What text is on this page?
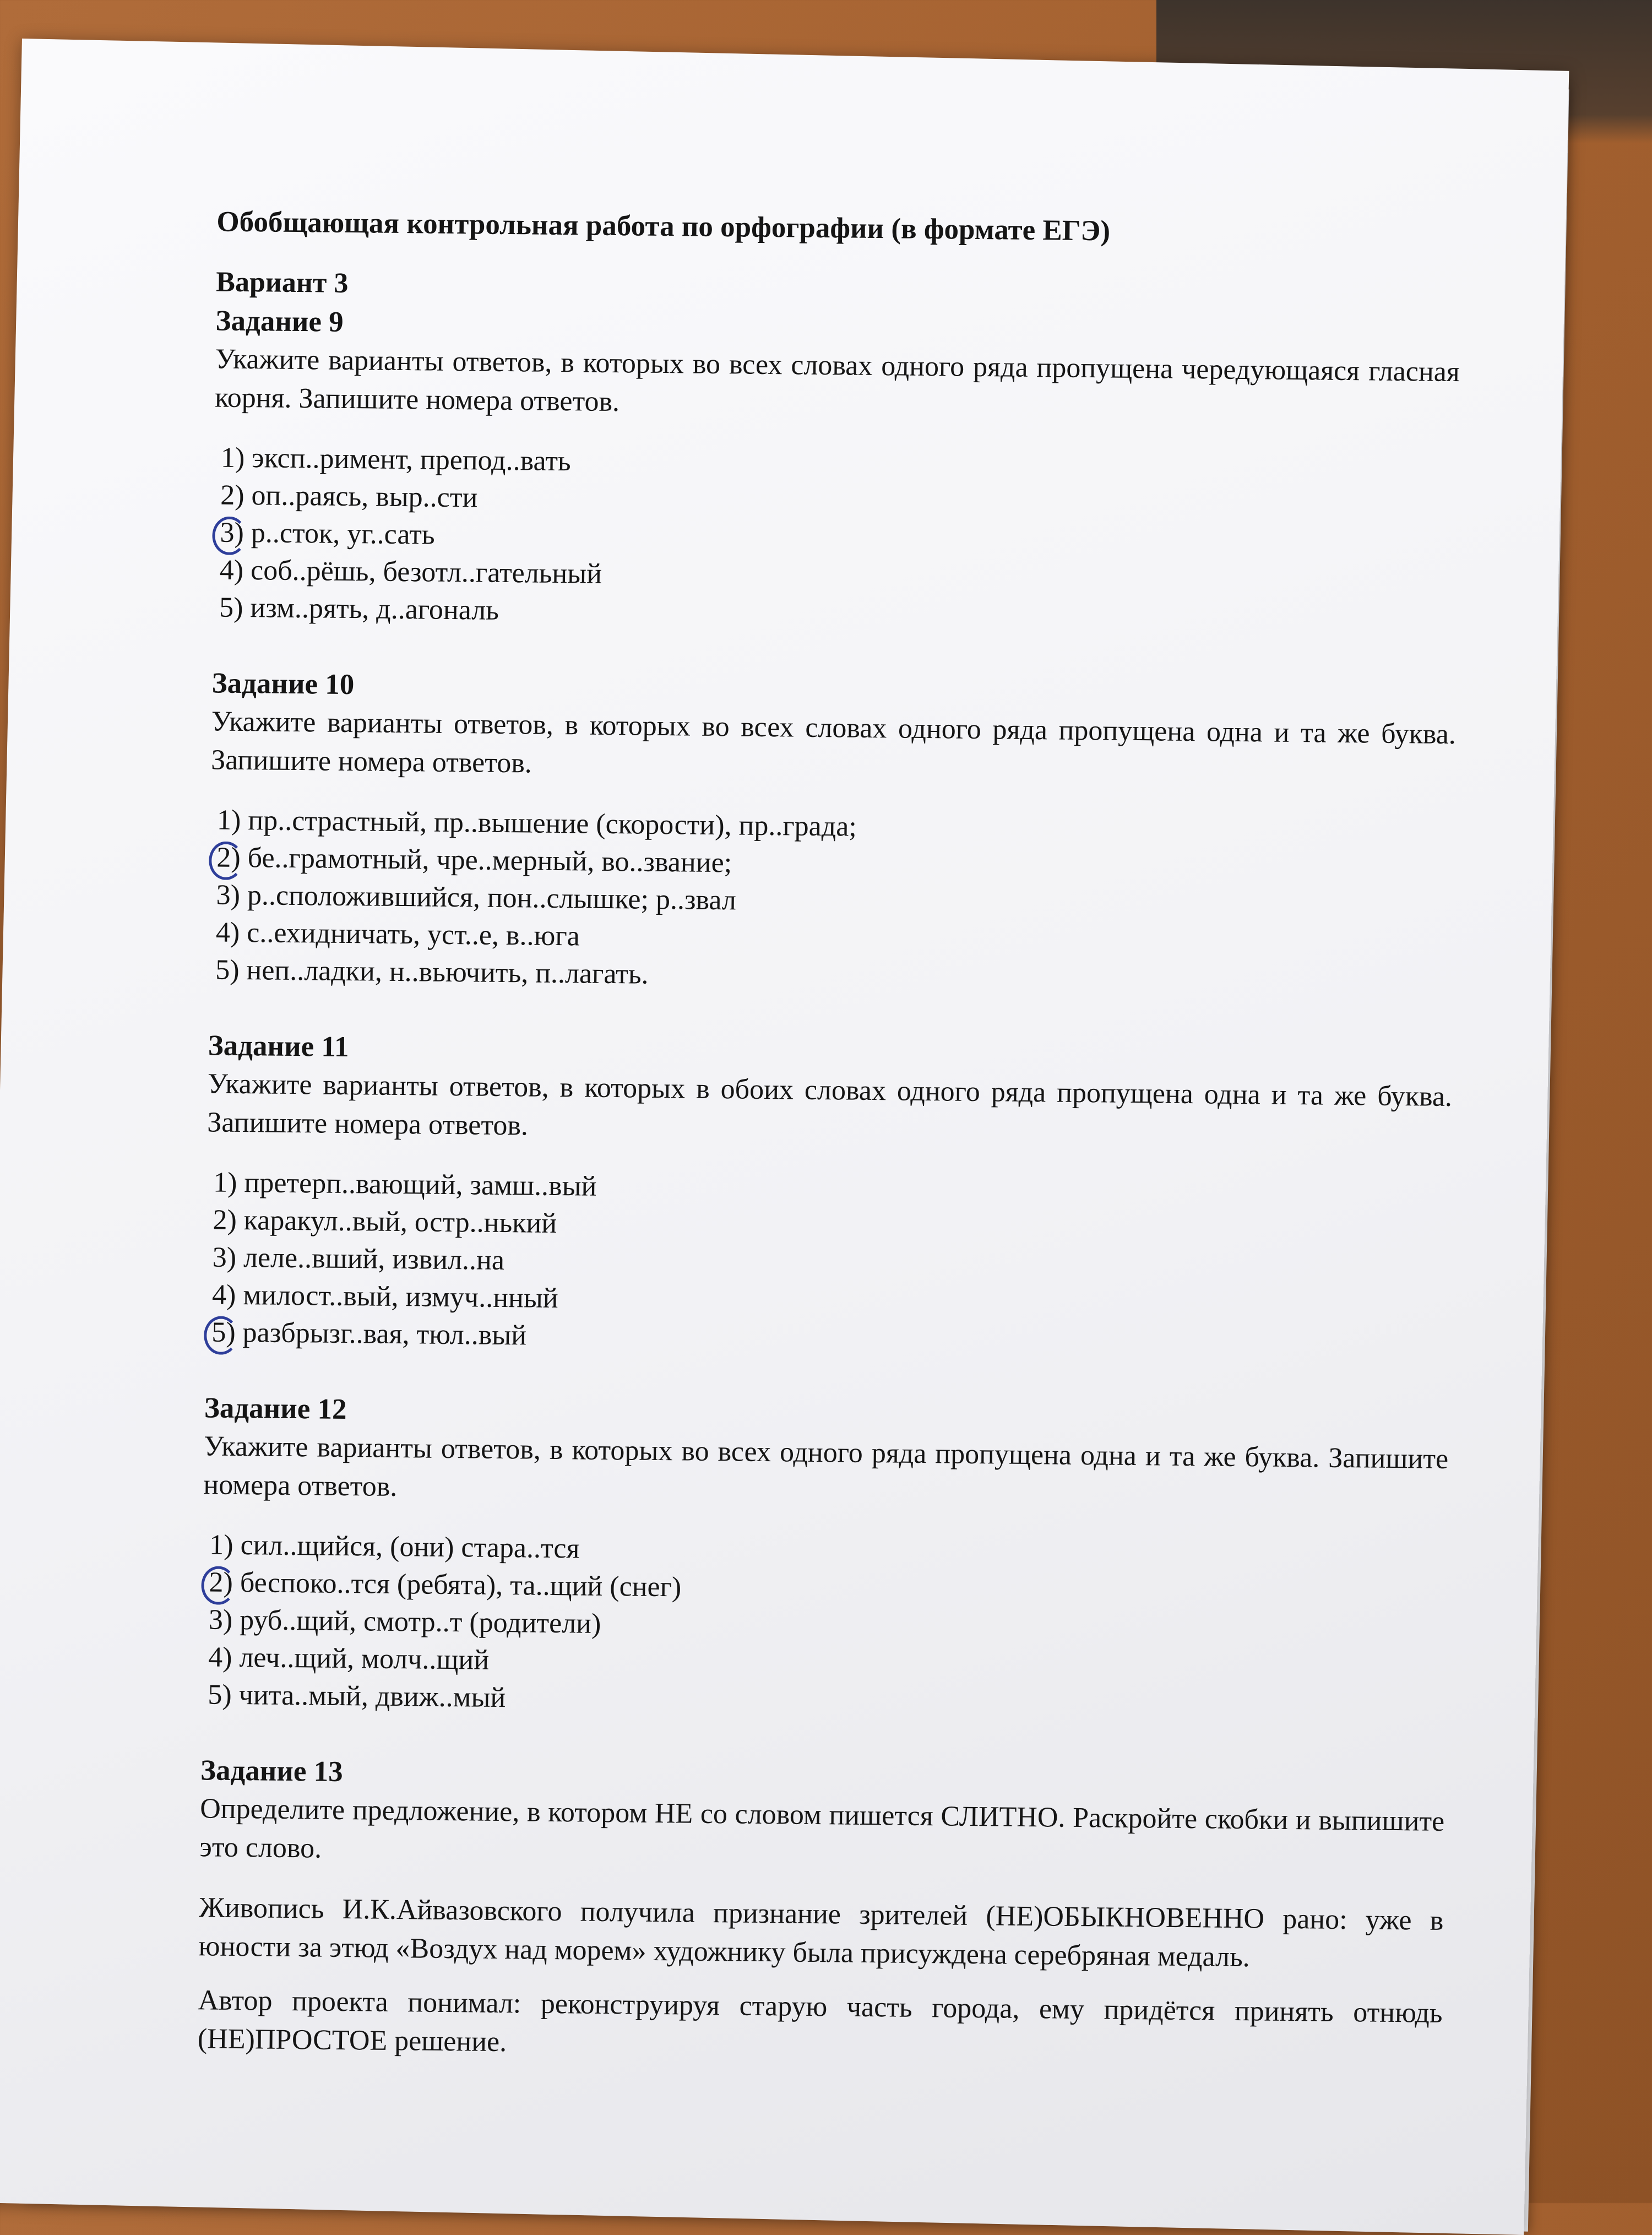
Обобщающая контрольная работа по орфографии (в формате ЕГЭ)

Вариант 3

Задание 9

Укажите варианты ответов, в которых во всех словах одного ряда пропущена чередующаяся гласная корня. Запишите номера ответов.

1) эксп..римент, препод..вать
2) оп..раясь, выр..сти
3) р..сток, уг..сать
4) соб..рёшь, безотл..гательный
5) изм..рять, д..агональ
Задание 10

Укажите варианты ответов, в которых во всех словах одного ряда пропущена одна и та же буква. Запишите номера ответов.

1) пр..страстный, пр..вышение (скорости), пр..града;
2) бе..грамотный, чре..мерный, во..звание;
3) р..сположившийся, пон..слышке; р..звал
4) с..ехидничать, уст..е, в..юга
5) неп..ладки, н..вьючить, п..лагать.
Задание 11

Укажите варианты ответов, в которых в обоих словах одного ряда пропущена одна и та же буква. Запишите номера ответов.

1) претерп..вающий, замш..вый
2) каракул..вый, остр..нький
3) леле..вший, извил..на
4) милост..вый, измуч..нный
5) разбрызг..вая, тюл..вый
Задание 12

Укажите варианты ответов, в которых во всех одного ряда пропущена одна и та же буква. Запишите номера ответов.

1) сил..щийся, (они) стара..тся
2) беспоко..тся (ребята), та..щий (снег)
3) руб..щий, смотр..т (родители)
4) леч..щий, молч..щий
5) чита..мый, движ..мый
Задание 13

Определите предложение, в котором НЕ со словом пишется СЛИТНО. Раскройте скобки и выпишите это слово.

Живопись И.К.Айвазовского получила признание зрителей (НЕ)ОБЫКНОВЕННО рано: уже в юности за этюд «Воздух над морем» художнику была присуждена серебряная медаль.

Автор проекта понимал: реконструируя старую часть города, ему придётся принять отнюдь (НЕ)ПРОСТОЕ решение.
